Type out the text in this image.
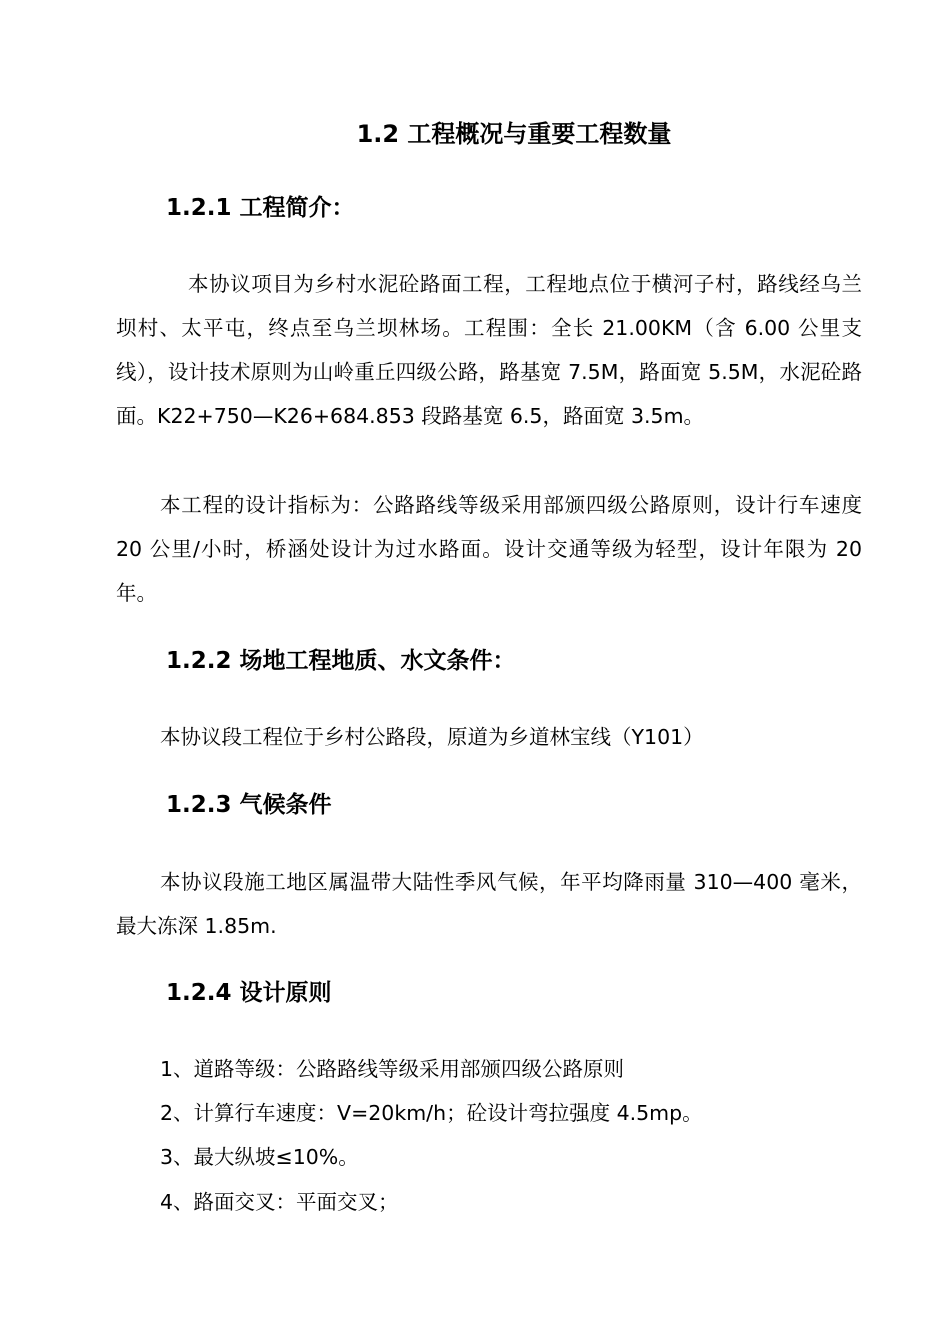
1.2 工程概况与重要工程数量
1.2.1 工程简介：

本协议项目为乡村水泥砼路面工程，工程地点位于横河子村，路线经乌兰坝村、太平屯，终点至乌兰坝林场。工程围：全长 21.00KM（含 6.00 公里支线），设计技术原则为山岭重丘四级公路，路基宽 7.5M，路面宽 5.5M，水泥砼路面。K22+750—K26+684.853 段路基宽 6.5，路面宽 3.5m。

本工程的设计指标为：公路路线等级采用部颁四级公路原则，设计行车速度 20 公里/小时，桥涵处设计为过水路面。设计交通等级为轻型，设计年限为 20 年。

1.2.2 场地工程地质、水文条件：

本协议段工程位于乡村公路段，原道为乡道林宝线（Y101）

1.2.3 气候条件

本协议段施工地区属温带大陆性季风气候，年平均降雨量 310—400 毫米，最大冻深 1.85m.

1.2.4 设计原则

1、道路等级：公路路线等级采用部颁四级公路原则

2、计算行车速度：V=20km/h；砼设计弯拉强度 4.5mp。

3、最大纵坡≤10%。

4、路面交叉：平面交叉；
